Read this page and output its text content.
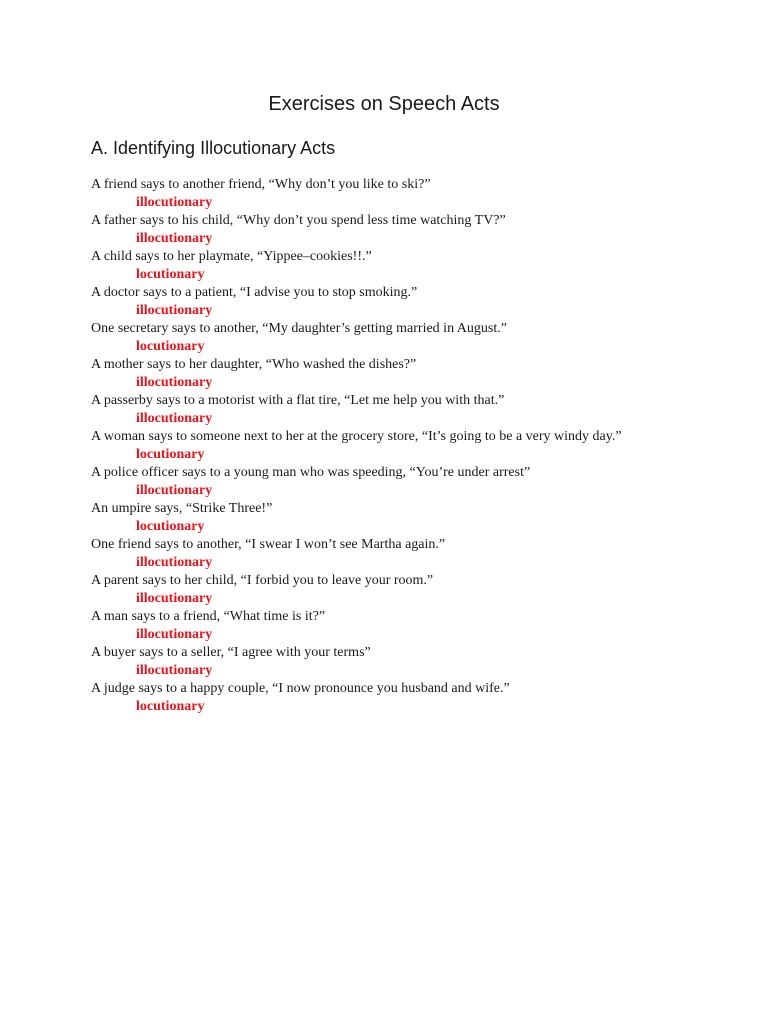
Exercises on Speech Acts
A. Identifying Illocutionary Acts
A friend says to another friend, “Why don’t you like to ski?”
illocutionary
A father says to his child, “Why don’t you spend less time watching TV?”
illocutionary
A child says to her playmate, “Yippee–cookies!!.”
locutionary
A doctor says to a patient, “I advise you to stop smoking.”
illocutionary
One secretary says to another, “My daughter’s getting married in August.”
locutionary
A mother says to her daughter, “Who washed the dishes?”
illocutionary
A passerby says to a motorist with a flat tire, “Let me help you with that.”
illocutionary
A woman says to someone next to her at the grocery store, “It’s going to be a very windy day.”
locutionary
A police officer says to a young man who was speeding, “You’re under arrest”
illocutionary
An umpire says, “Strike Three!”
locutionary
One friend says to another, “I swear I won’t see Martha again.”
illocutionary
A parent says to her child, “I forbid you to leave your room.”
illocutionary
A man says to a friend, “What time is it?”
illocutionary
A buyer says to a seller, “I agree with your terms”
illocutionary
A judge says to a happy couple, “I now pronounce you husband and wife.”
locutionary
